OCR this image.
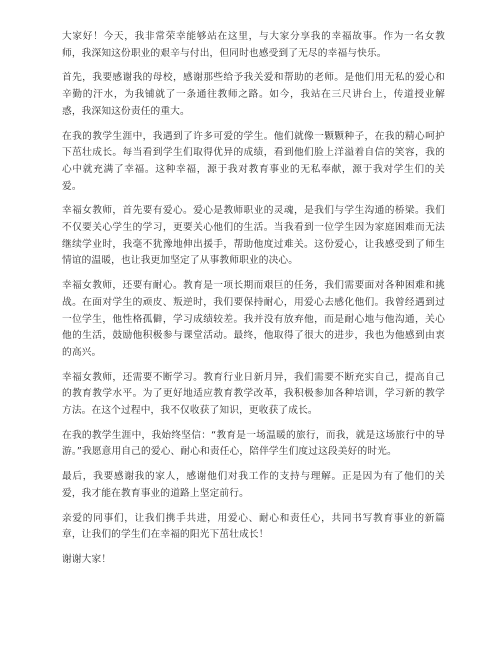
大家好！今天，我非常荣幸能够站在这里，与大家分享我的幸福故事。作为一名女教师，我深知这份职业的艰辛与付出，但同时也感受到了无尽的幸福与快乐。

首先，我要感谢我的母校，感谢那些给予我关爱和帮助的老师。是他们用无私的爱心和辛勤的汗水，为我铺就了一条通往教师之路。如今，我站在三尺讲台上，传道授业解惑，我深知这份责任的重大。

在我的教学生涯中，我遇到了许多可爱的学生。他们就像一颗颗种子，在我的精心呵护下茁壮成长。每当看到学生们取得优异的成绩，看到他们脸上洋溢着自信的笑容，我的心中就充满了幸福。这种幸福，源于我对教育事业的无私奉献，源于我对学生们的关爱。

幸福女教师，首先要有爱心。爱心是教师职业的灵魂，是我们与学生沟通的桥梁。我们不仅要关心学生的学习，更要关心他们的生活。当我看到一位学生因为家庭困难而无法继续学业时，我毫不犹豫地伸出援手，帮助他度过难关。这份爱心，让我感受到了师生情谊的温暖，也让我更加坚定了从事教师职业的决心。

幸福女教师，还要有耐心。教育是一项长期而艰巨的任务，我们需要面对各种困难和挑战。在面对学生的顽皮、叛逆时，我们要保持耐心，用爱心去感化他们。我曾经遇到过一位学生，他性格孤僻，学习成绩较差。我并没有放弃他，而是耐心地与他沟通，关心他的生活，鼓励他积极参与课堂活动。最终，他取得了很大的进步，我也为他感到由衷的高兴。

幸福女教师，还需要不断学习。教育行业日新月异，我们需要不断充实自己，提高自己的教育教学水平。为了更好地适应教育教学改革，我积极参加各种培训，学习新的教学方法。在这个过程中，我不仅收获了知识，更收获了成长。

在我的教学生涯中，我始终坚信：“教育是一场温暖的旅行，而我，就是这场旅行中的导游。”我愿意用自己的爱心、耐心和责任心，陪伴学生们度过这段美好的时光。

最后，我要感谢我的家人，感谢他们对我工作的支持与理解。正是因为有了他们的关爱，我才能在教育事业的道路上坚定前行。

亲爱的同事们，让我们携手共进，用爱心、耐心和责任心，共同书写教育事业的新篇章，让我们的学生们在幸福的阳光下茁壮成长！

谢谢大家！
